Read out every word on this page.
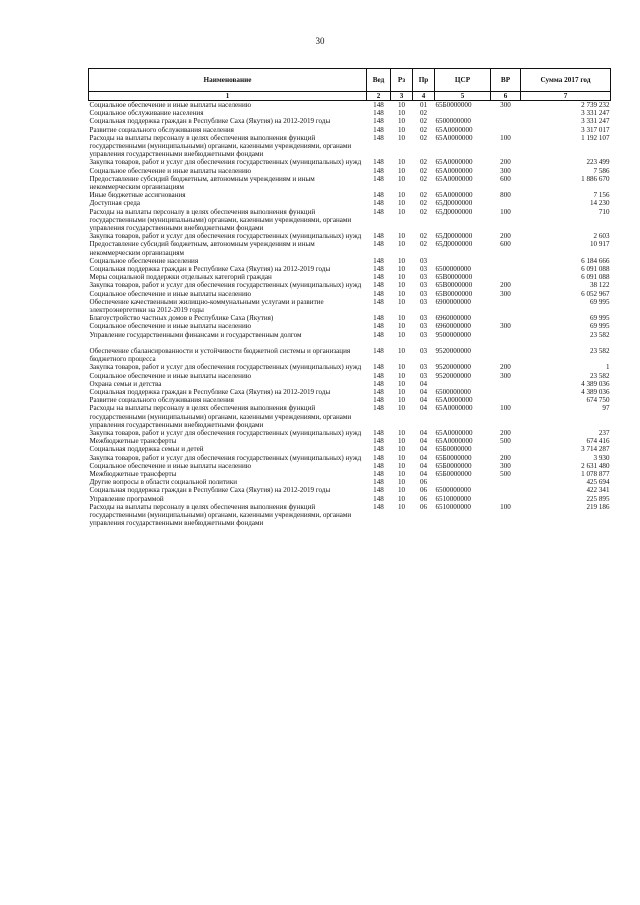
30
Наименование	Вед	Рз	Пр	ЦСР	ВР	Сумма 2017 год
1	2	3	4	5	6	7
Социальное обеспечение и иные выплаты населению	148	10	01	65Б0000000	300	2 739 232
Социальное обслуживание населения	148	10	02			3 331 247
Социальная поддержка граждан в Республике Саха (Якутия) на 2012-2019 годы	148	10	02	6500000000		3 331 247
Развитие социального обслуживания населения	148	10	02	65А0000000		3 317 017
Расходы на выплаты персоналу в целях обеспечения выполнения функций государственными (муниципальными) органами, казенными учреждениями, органами управления государственными внебюджетными фондами	148	10	02	65А0000000	100	1 192 107
Закупка товаров, работ и услуг для обеспечения государственных (муниципальных) нужд	148	10	02	65А0000000	200	223 499
Социальное обеспечение и иные выплаты населению	148	10	02	65А0000000	300	7 586
Предоставление субсидий бюджетным, автономным учреждениям и иным некоммерческим организациям	148	10	02	65А0000000	600	1 886 670
Иные бюджетные ассигнования	148	10	02	65А0000000	800	7 156
Доступная среда	148	10	02	65Д0000000		14 230
Расходы на выплаты персоналу в целях обеспечения выполнения функций государственными (муниципальными) органами, казенными учреждениями, органами управления государственными внебюджетными фондами	148	10	02	65Д0000000	100	710
Закупка товаров, работ и услуг для обеспечения государственных (муниципальных) нужд	148	10	02	65Д0000000	200	2 603
Предоставление субсидий бюджетным, автономным учреждениям и иным некоммерческим организациям	148	10	02	65Д0000000	600	10 917
Социальное обеспечение населения	148	10	03			6 184 666
Социальная поддержка граждан в Республике Саха (Якутия) на 2012-2019 годы	148	10	03	6500000000		6 091 088
Меры социальной поддержки отдельных категорий граждан	148	10	03	65В0000000		6 091 088
Закупка товаров, работ и услуг для обеспечения государственных (муниципальных) нужд	148	10	03	65В0000000	200	38 122
Социальное обеспечение и иные выплаты населению	148	10	03	65В0000000	300	6 052 967
Обеспечение качественными жилищно-коммунальными услугами и развитие электроэнергетики на 2012-2019 годы	148	10	03	6900000000		69 995
Благоустройство частных домов в Республике Саха (Якутия)	148	10	03	6960000000		69 995
Социальное обеспечение и иные выплаты населению	148	10	03	6960000000	300	69 995
Управление государственными финансами и государственным долгом	148	10	03	9500000000		23 582
Обеспечение сбалансированности и устойчивости бюджетной системы и организация бюджетного процесса	148	10	03	9520000000		23 582
Закупка товаров, работ и услуг для обеспечения государственных (муниципальных) нужд	148	10	03	9520000000	200	1
Социальное обеспечение и иные выплаты населению	148	10	03	9520000000	300	23 582
Охрана семьи и детства	148	10	04			4 389 036
Социальная поддержка граждан в Республике Саха (Якутия) на 2012-2019 годы	148	10	04	6500000000		4 389 036
Развитие социального обслуживания населения	148	10	04	65А0000000		674 750
Расходы на выплаты персоналу в целях обеспечения выполнения функций государственными (муниципальными) органами, казенными учреждениями, органами управления государственными внебюджетными фондами	148	10	04	65А0000000	100	97
Закупка товаров, работ и услуг для обеспечения государственных (муниципальных) нужд	148	10	04	65А0000000	200	237
Межбюджетные трансферты	148	10	04	65А0000000	500	674 416
Социальная поддержка семьи и детей	148	10	04	65Б0000000		3 714 287
Закупка товаров, работ и услуг для обеспечения государственных (муниципальных) нужд	148	10	04	65Б0000000	200	3 930
Социальное обеспечение и иные выплаты населению	148	10	04	65Б0000000	300	2 631 480
Межбюджетные трансферты	148	10	04	65Б0000000	500	1 078 877
Другие вопросы в области социальной политики	148	10	06			425 694
Социальная поддержка граждан в Республике Саха (Якутия) на 2012-2019 годы	148	10	06	6500000000		422 341
Управление программой	148	10	06	6510000000		225 895
Расходы на выплаты персоналу в целях обеспечения выполнения функций государственными (муниципальными) органами, казенными учреждениями, органами управления государственными внебюджетными фондами	148	10	06	6510000000	100	219 186
